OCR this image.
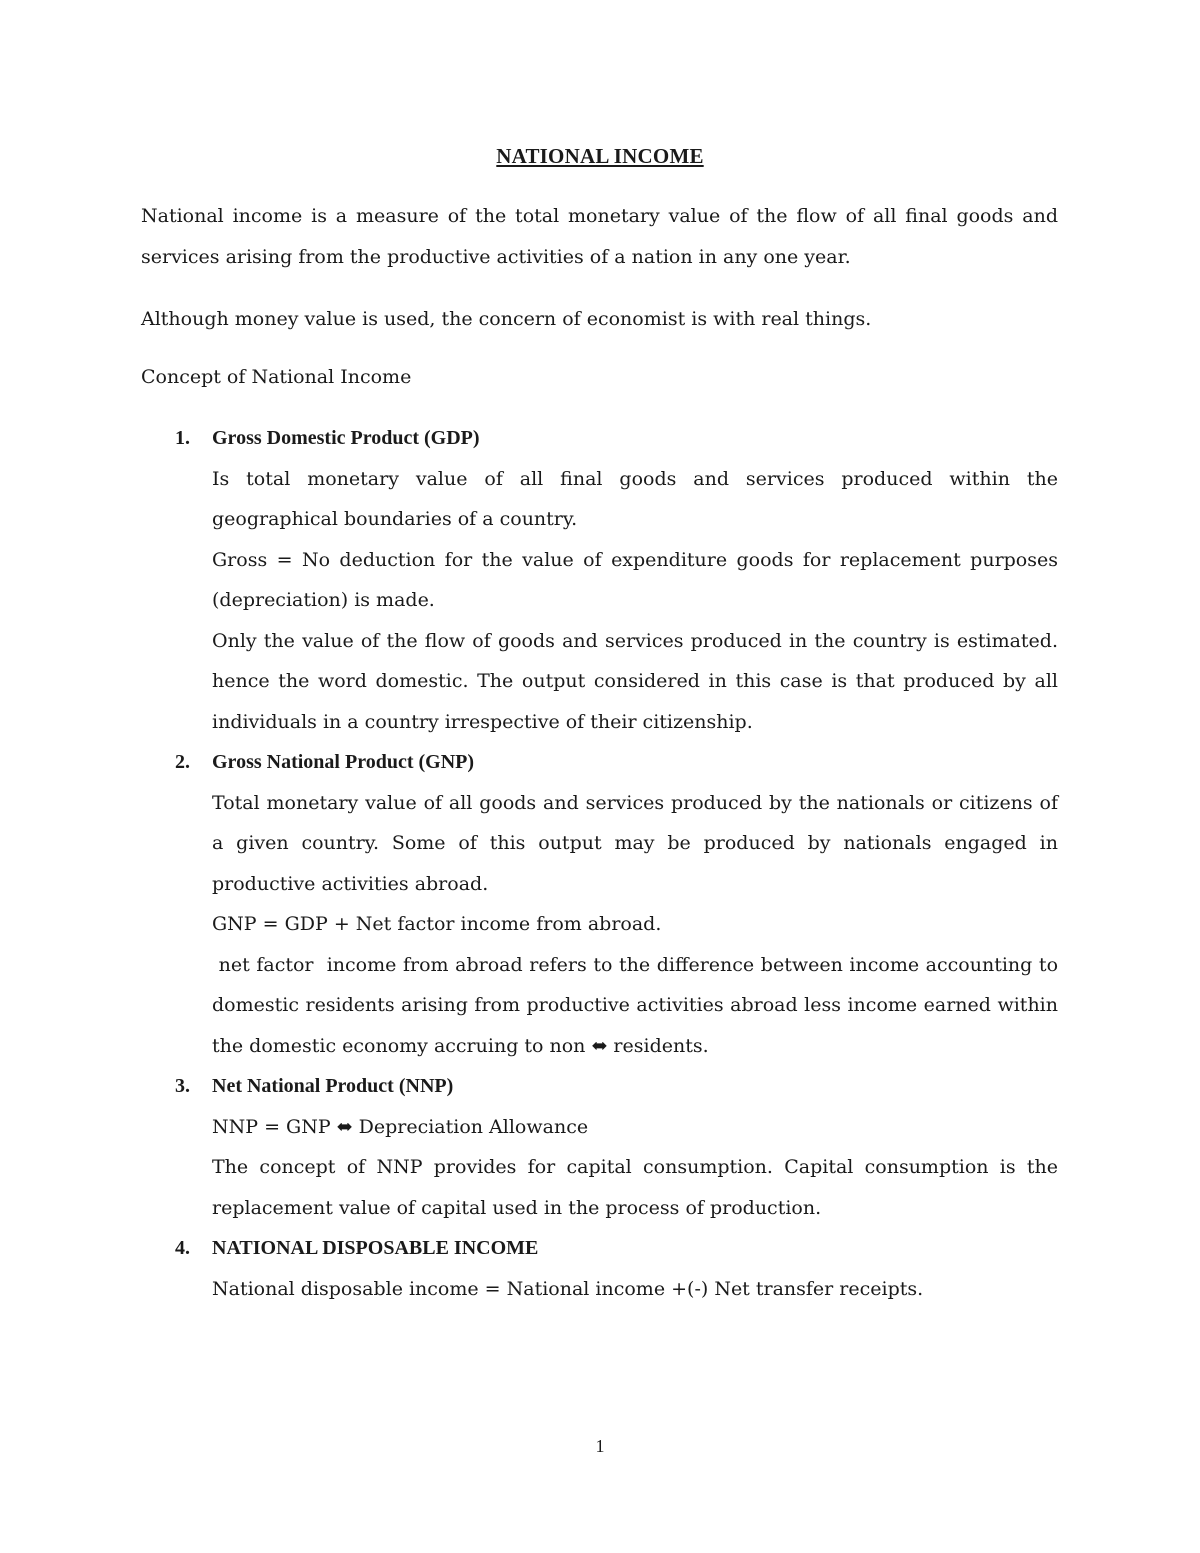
NATIONAL INCOME

National income is a measure of the total monetary value of the flow of all final goods and services arising from the productive activities of a nation in any one year.

Although money value is used, the concern of economist is with real things.

Concept of National Income

1. Gross Domestic Product (GDP)
Is total monetary value of all final goods and services produced within the geographical boundaries of a country.
Gross = No deduction for the value of expenditure goods for replacement purposes (depreciation) is made.
Only the value of the flow of goods and services produced in the country is estimated. hence the word domestic. The output considered in this case is that produced by all individuals in a country irrespective of their citizenship.
2. Gross National Product (GNP)
Total monetary value of all goods and services produced by the nationals or citizens of a given country. Some of this output may be produced by nationals engaged in productive activities abroad.
GNP = GDP + Net factor income from abroad.
net factor  income from abroad refers to the difference between income accounting to domestic residents arising from productive activities abroad less income earned within the domestic economy accruing to non ⬌ residents.
3. Net National Product (NNP)
NNP = GNP ⬌ Depreciation Allowance
The concept of NNP provides for capital consumption. Capital consumption is the replacement value of capital used in the process of production.
4. NATIONAL DISPOSABLE INCOME
National disposable income = National income +(-) Net transfer receipts.
1
